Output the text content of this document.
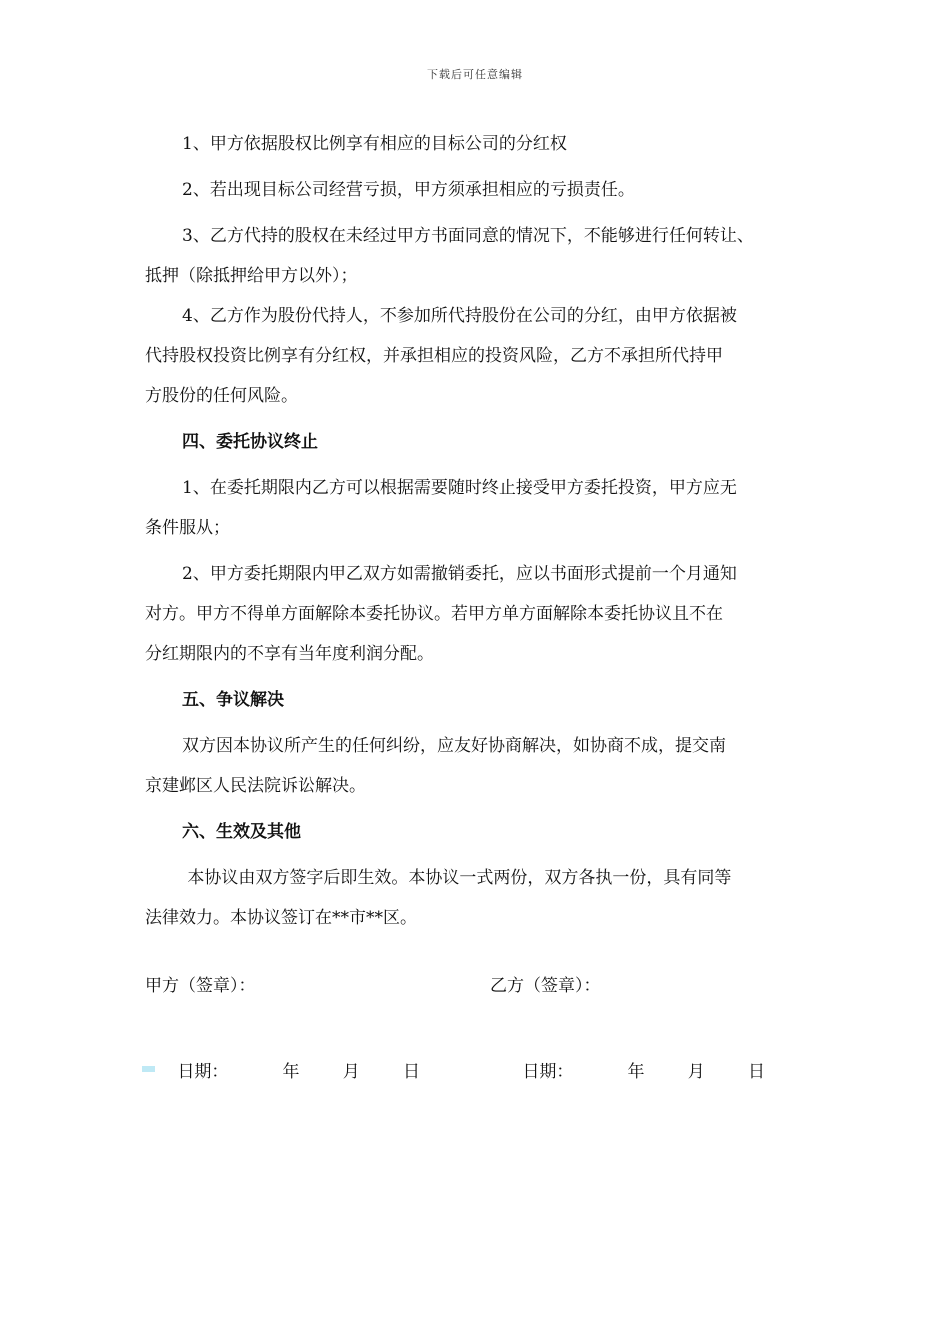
下载后可任意编辑

1、甲方依据股权比例享有相应的目标公司的分红权

2、若出现目标公司经营亏损，甲方须承担相应的亏损责任。

3、乙方代持的股权在未经过甲方书面同意的情况下，不能够进行任何转让、

抵押（除抵押给甲方以外）；

4、乙方作为股份代持人，不参加所代持股份在公司的分红，由甲方依据被

代持股权投资比例享有分红权，并承担相应的投资风险，乙方不承担所代持甲

方股份的任何风险。

四、委托协议终止

1、在委托期限内乙方可以根据需要随时终止接受甲方委托投资，甲方应无

条件服从；

2、甲方委托期限内甲乙双方如需撤销委托，应以书面形式提前一个月通知

对方。甲方不得单方面解除本委托协议。若甲方单方面解除本委托协议且不在

分红期限内的不享有当年度利润分配。

五、争议解决

双方因本协议所产生的任何纠纷，应友好协商解决，如协商不成，提交南

京建邺区人民法院诉讼解决。

六、生效及其他

本协议由双方签字后即生效。本协议一式两份，双方各执一份，具有同等

法律效力。本协议签订在**市**区。

甲方（签章）：	乙方（签章）：

日期：	年	月	日
	日期：	年	月	日
